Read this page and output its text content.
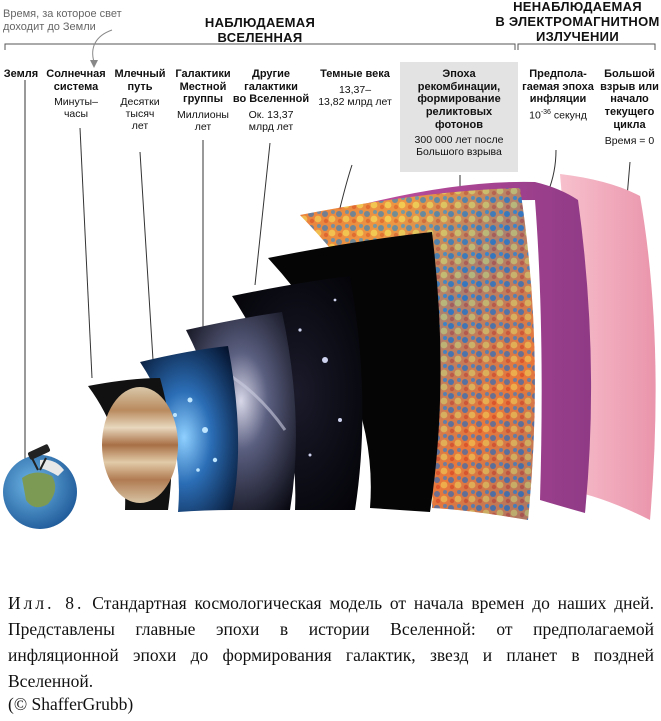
Время, за которое свет
доходит до Земли	НАБЛЮДАЕМАЯ
ВСЕЛЕННАЯ
НЕНАБЛЮДАЕМАЯ
В ЭЛЕКТРОМАГНИТНОМ
ИЗЛУЧЕНИИ
Земля Солнечная
система
Минуты–
часы
Млечный
путь
Десятки
тысяч
лет
Галактики
Местной
группы
Миллионы
лет
Другие
галактики
во Вселенной
Ок. 13,37
млрд лет
Темные века
13,37–
13,82 млрд лет
Эпоха
рекомбинации,
формирование
реликтовых
фотонов
300 000 лет после
Большого взрыва
Предпола-
гаемая эпоха
инфляции
$10^{-36}$ секунд
Большой
взрыв или
начало
текущего
цикла
Время = 0
Илл. 8. Стандартная космологическая модель от начала времен до наших дней. Представлены главные эпохи в истории Вселенной: от предполагаемой инфляционной эпохи до формирования галактик, звезд и планет в поздней Вселенной.
(© ShafferGrubb)
